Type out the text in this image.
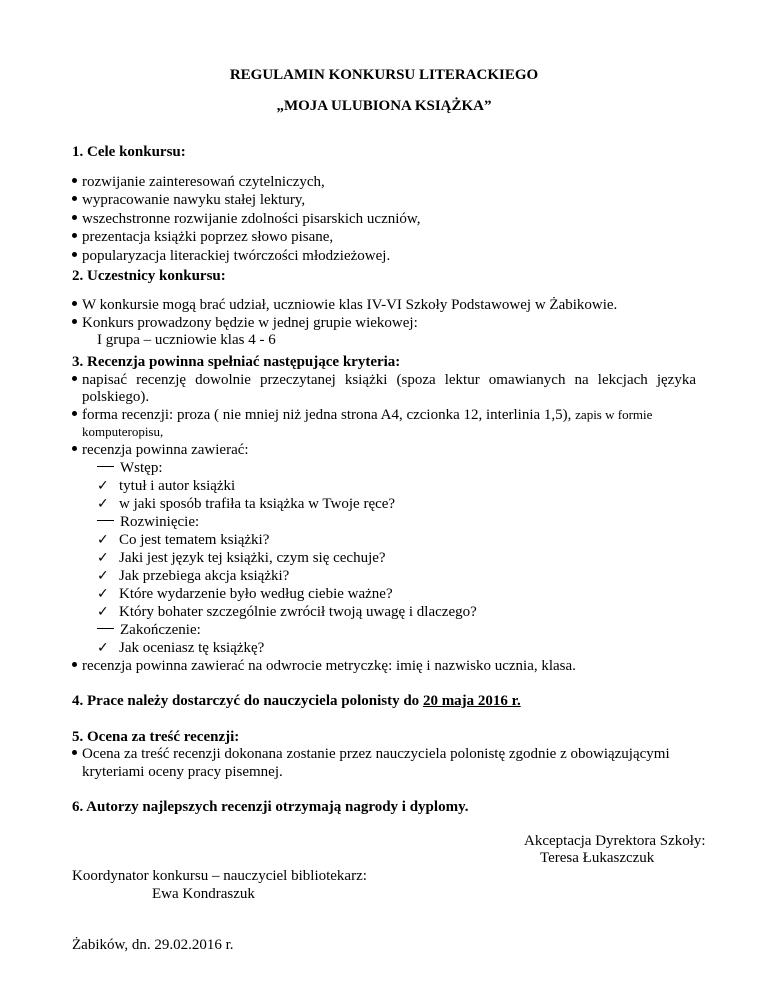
REGULAMIN KONKURSU LITERACKIEGO
„MOJA ULUBIONA KSIĄŻKA”
1. Cele konkursu:
rozwijanie zainteresowań czytelniczych,
wypracowanie nawyku stałej lektury,
wszechstronne rozwijanie zdolności pisarskich uczniów,
prezentacja książki poprzez słowo pisane,
popularyzacja literackiej twórczości młodzieżowej.
2. Uczestnicy konkursu:
W konkursie mogą brać udział, uczniowie klas IV-VI Szkoły Podstawowej w Żabikowie.
Konkurs prowadzony będzie w jednej grupie wiekowej:
I grupa – uczniowie klas 4 - 6
3. Recenzja powinna spełniać następujące kryteria:
napisać recenzję dowolnie przeczytanej książki (spoza lektur omawianych na lekcjach języka
polskiego).
forma recenzji: proza ( nie mniej niż jedna strona A4, czcionka 12, interlinia 1,5), zapis w formie
komputeropisu,
recenzja powinna zawierać:
Wstęp:
✓ tytuł i autor książki
✓ w jaki sposób trafiła ta książka w Twoje ręce?
Rozwinięcie:
✓ Co jest tematem książki?
✓ Jaki jest język tej książki, czym się cechuje?
✓ Jak przebiega akcja książki?
✓ Które wydarzenie było według ciebie ważne?
✓ Który bohater szczególnie zwrócił twoją uwagę i dlaczego?
Zakończenie:
✓ Jak oceniasz tę książkę?
recenzja powinna zawierać na odwrocie metryczkę: imię i nazwisko ucznia, klasa.
4. Prace należy dostarczyć do nauczyciela polonisty do 20 maja 2016 r.
5. Ocena za treść recenzji:
Ocena za treść recenzji dokonana zostanie przez nauczyciela polonistę zgodnie z obowiązującymi
kryteriami oceny pracy pisemnej.
6. Autorzy najlepszych recenzji otrzymają nagrody i dyplomy.
Akceptacja Dyrektora Szkoły:
Teresa Łukaszczuk
Koordynator konkursu – nauczyciel bibliotekarz:
Ewa Kondraszuk
Żabików, dn. 29.02.2016 r.
